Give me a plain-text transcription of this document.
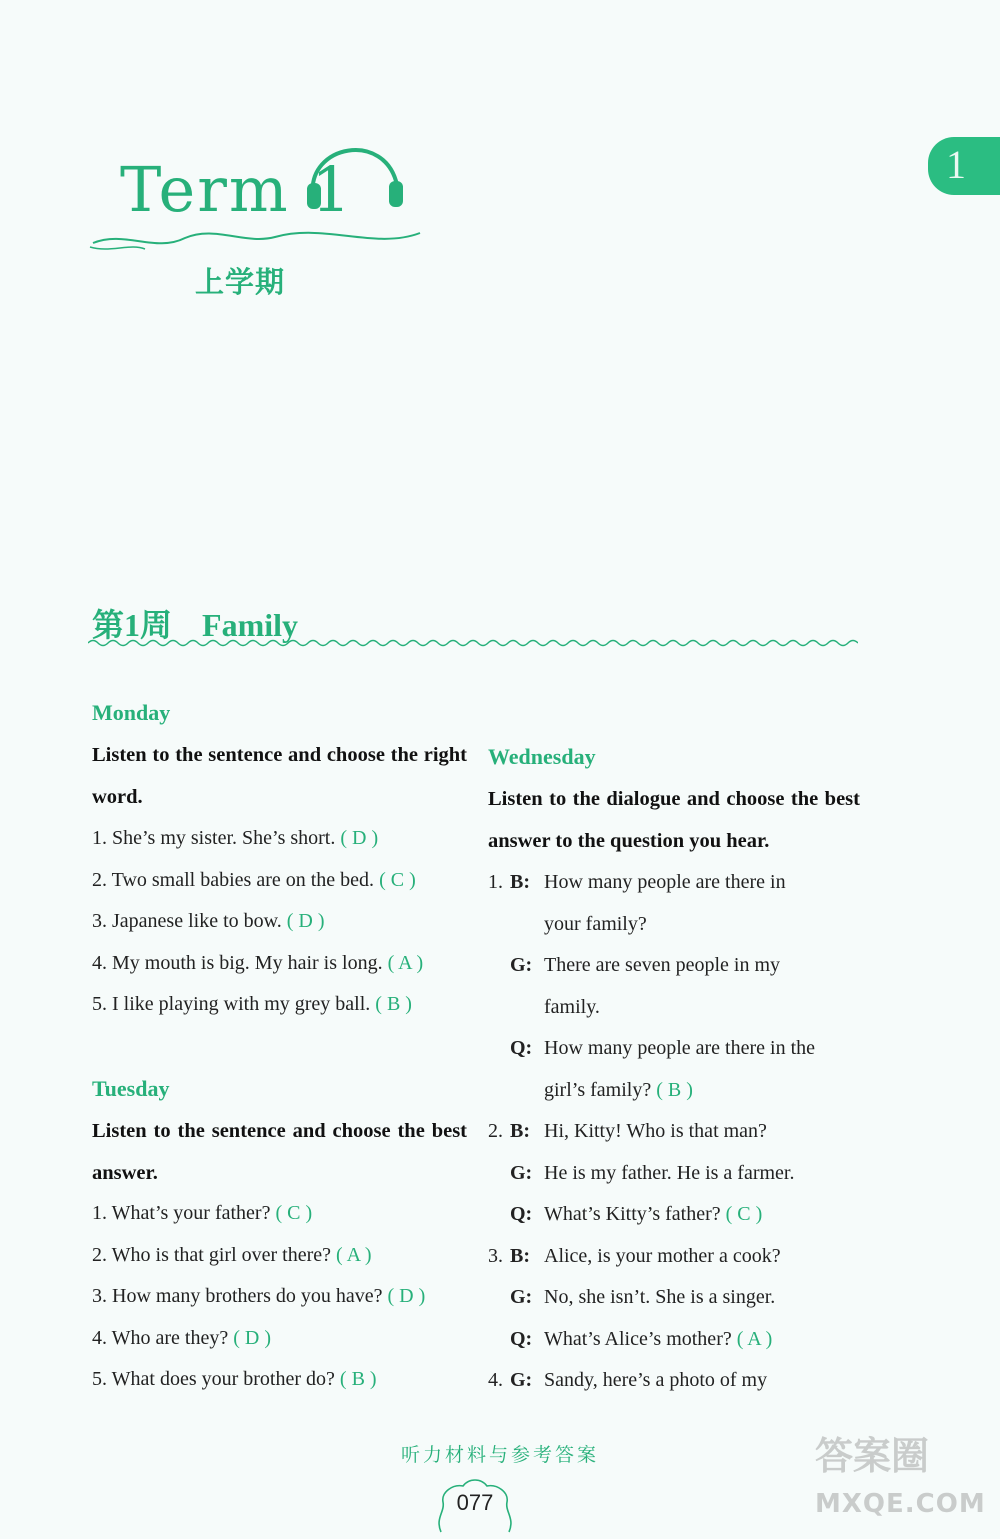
Term 1
上学期
1
第1周 Family
Monday
Listen to the sentence and choose the right word.
1. She’s my sister. She’s short. ( D )
2. Two small babies are on the bed. ( C )
3. Japanese like to bow. ( D )
4. My mouth is big. My hair is long. ( A )
5. I like playing with my grey ball. ( B )
Tuesday
Listen to the sentence and choose the best answer.
1. What’s your father? ( C )
2. Who is that girl over there? ( A )
3. How many brothers do you have? ( D )
4. Who are they? ( D )
5. What does your brother do? ( B )
Wednesday
Listen to the dialogue and choose the best answer to the question you hear.
1. B: How many people are there in
your family?
G: There are seven people in my
family.
Q: How many people are there in the
girl’s family? ( B )
2. B: Hi, Kitty! Who is that man?
G: He is my father. He is a farmer.
Q: What’s Kitty’s father? ( C )
3. B: Alice, is your mother a cook?
G: No, she isn’t. She is a singer.
Q: What’s Alice’s mother? ( A )
4. G: Sandy, here’s a photo of my
听力材料与参考答案
077
答案圈
MXQE.COM
